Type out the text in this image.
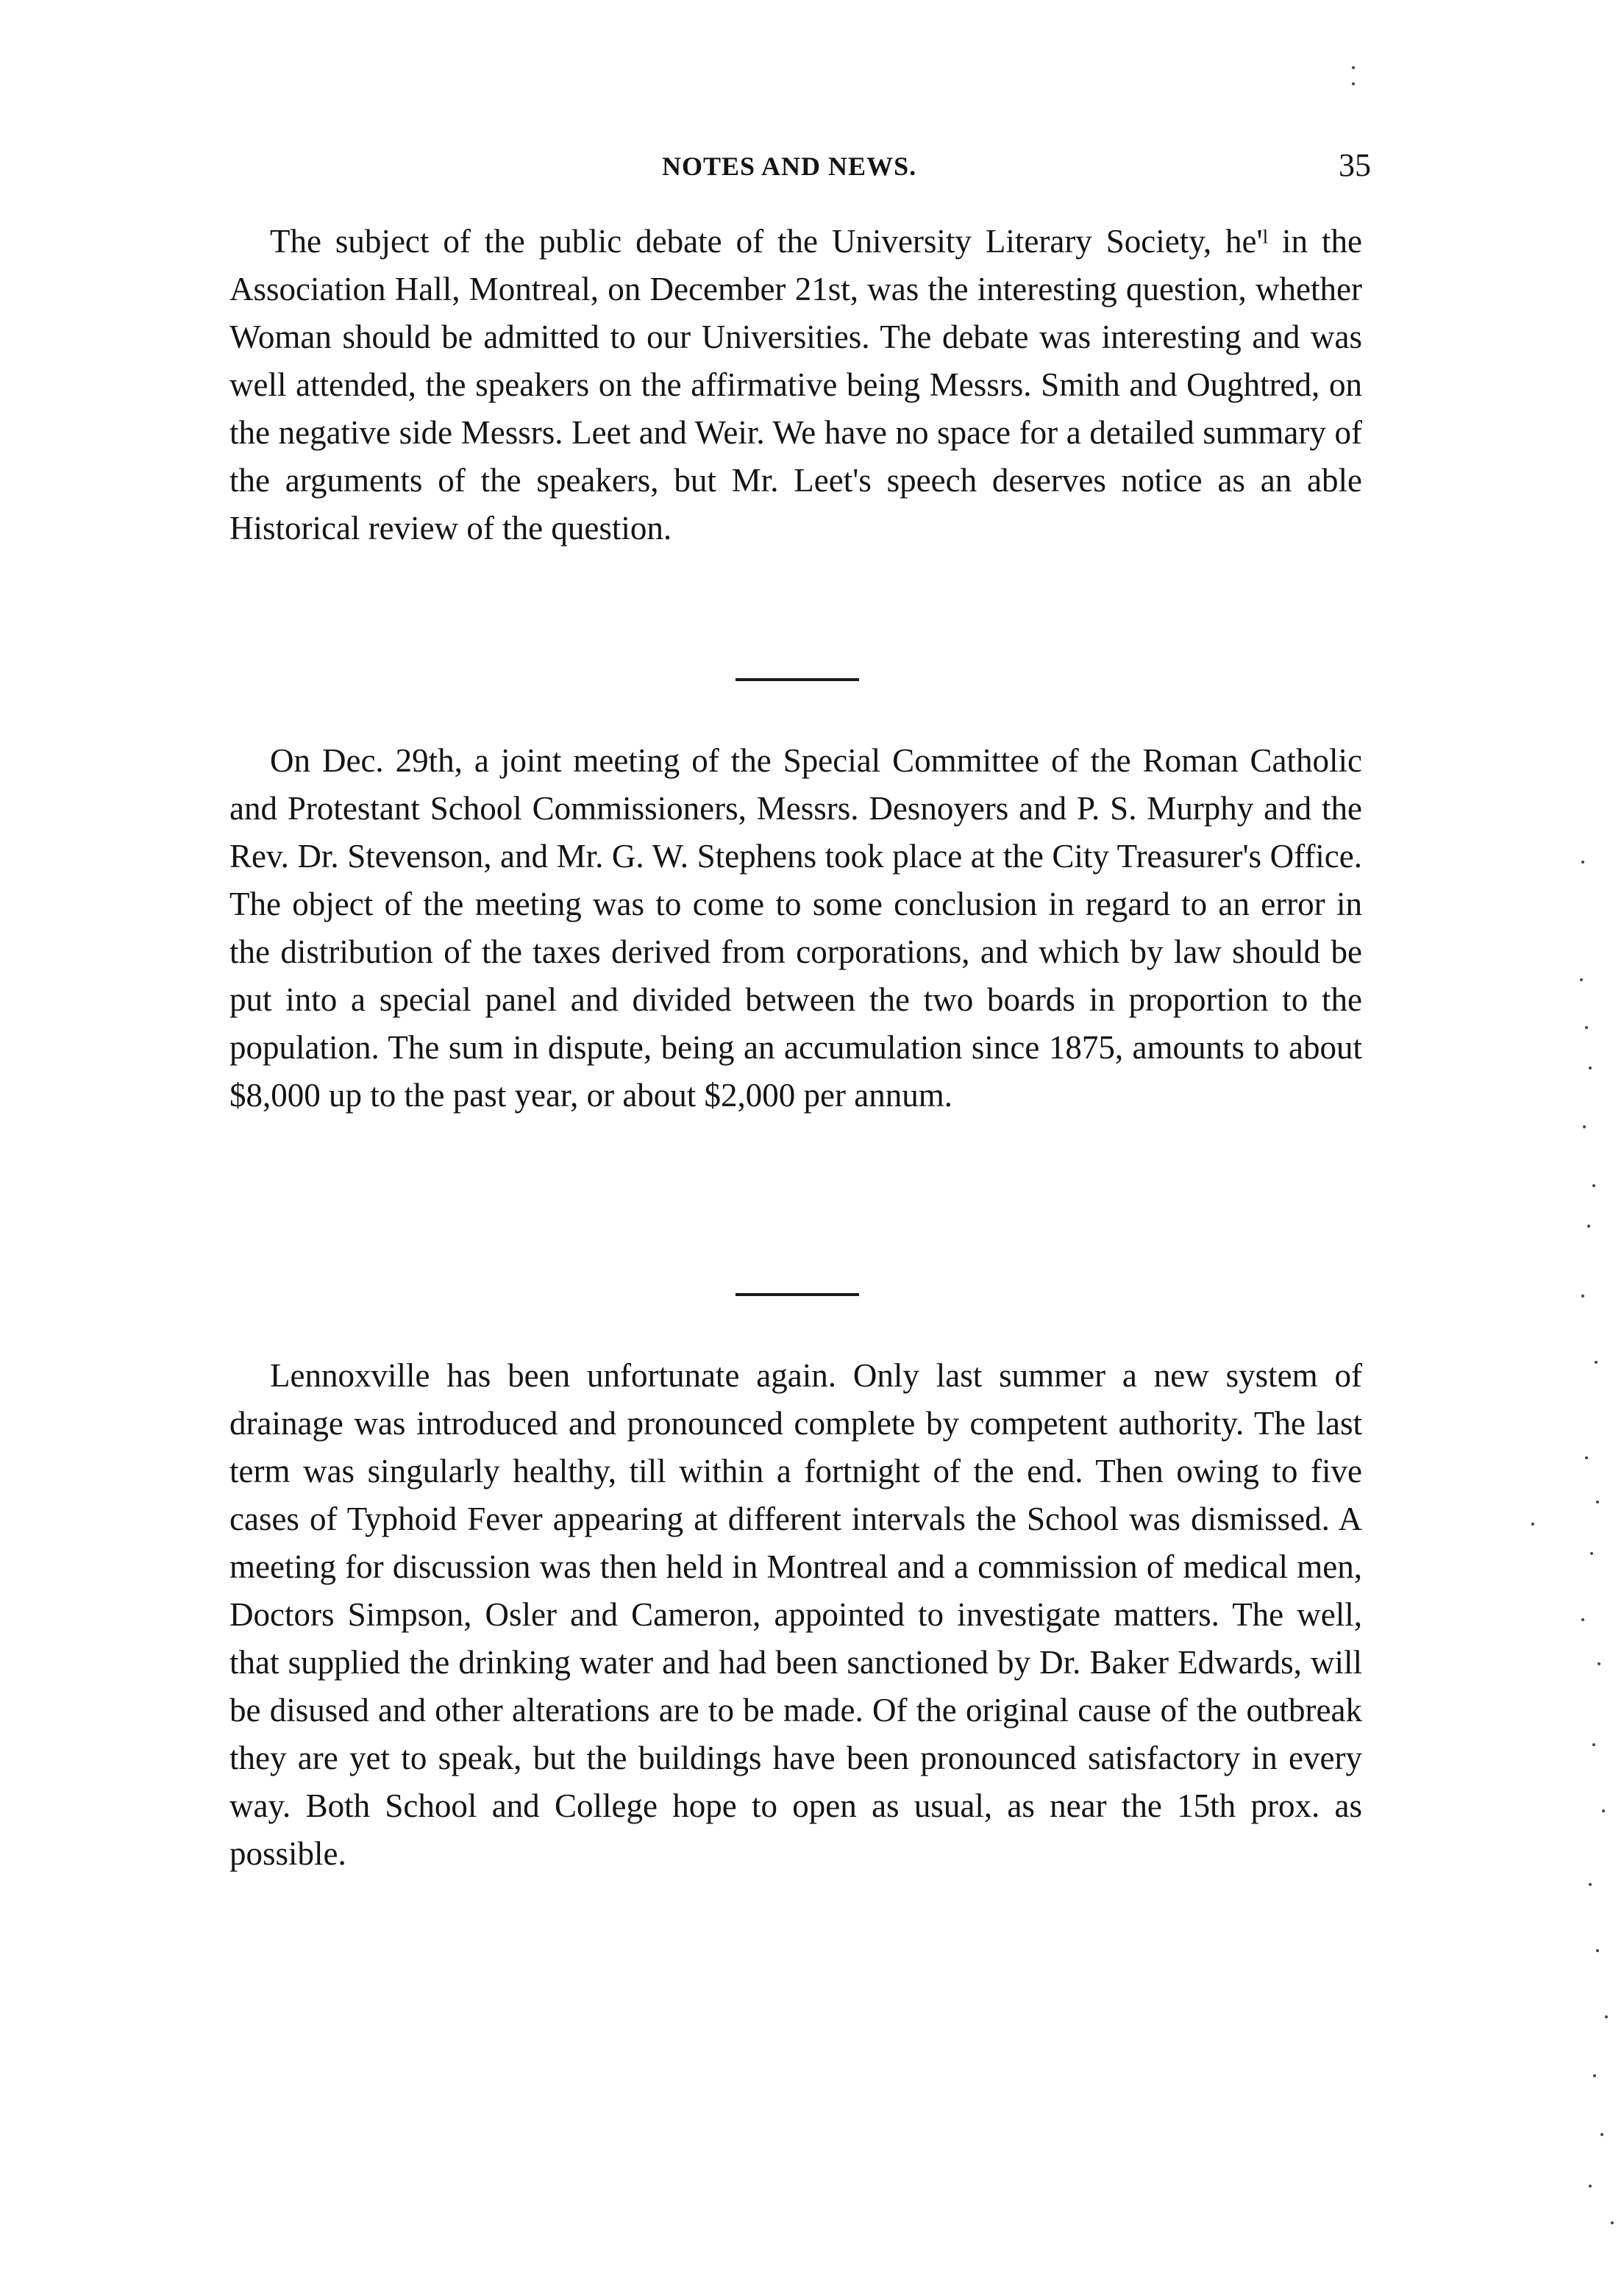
NOTES AND NEWS.	35

The subject of the public debate of the University Literary Society, he'ˡ in the Association Hall, Montreal, on December 21st, was the interesting question, whether Woman should be admitted to our Universities. The debate was interesting and was well attended, the speakers on the affirmative being Messrs. Smith and Oughtred, on the negative side Messrs. Leet and Weir. We have no space for a detailed summary of the arguments of the speakers, but Mr. Leet's speech deserves notice as an able Historical review of the question.

On Dec. 29th, a joint meeting of the Special Committee of the Roman Catholic and Protestant School Commissioners, Messrs. Desnoyers and P. S. Murphy and the Rev. Dr. Stevenson, and Mr. G. W. Stephens took place at the City Treasurer's Office. The object of the meeting was to come to some conclusion in regard to an error in the distribution of the taxes derived from corporations, and which by law should be put into a special panel and divided between the two boards in proportion to the population. The sum in dispute, being an accumulation since 1875, amounts to about $8,000 up to the past year, or about $2,000 per annum.

Lennoxville has been unfortunate again. Only last summer a new system of drainage was introduced and pronounced complete by competent authority. The last term was singularly healthy, till within a fortnight of the end. Then owing to five cases of Typhoid Fever appearing at different intervals the School was dismissed. A meeting for discussion was then held in Montreal and a commission of medical men, Doctors Simpson, Osler and Cameron, appointed to investigate matters. The well, that supplied the drinking water and had been sanctioned by Dr. Baker Edwards, will be disused and other alterations are to be made. Of the original cause of the outbreak they are yet to speak, but the buildings have been pronounced satisfactory in every way. Both School and College hope to open as usual, as near the 15th prox. as possible.
